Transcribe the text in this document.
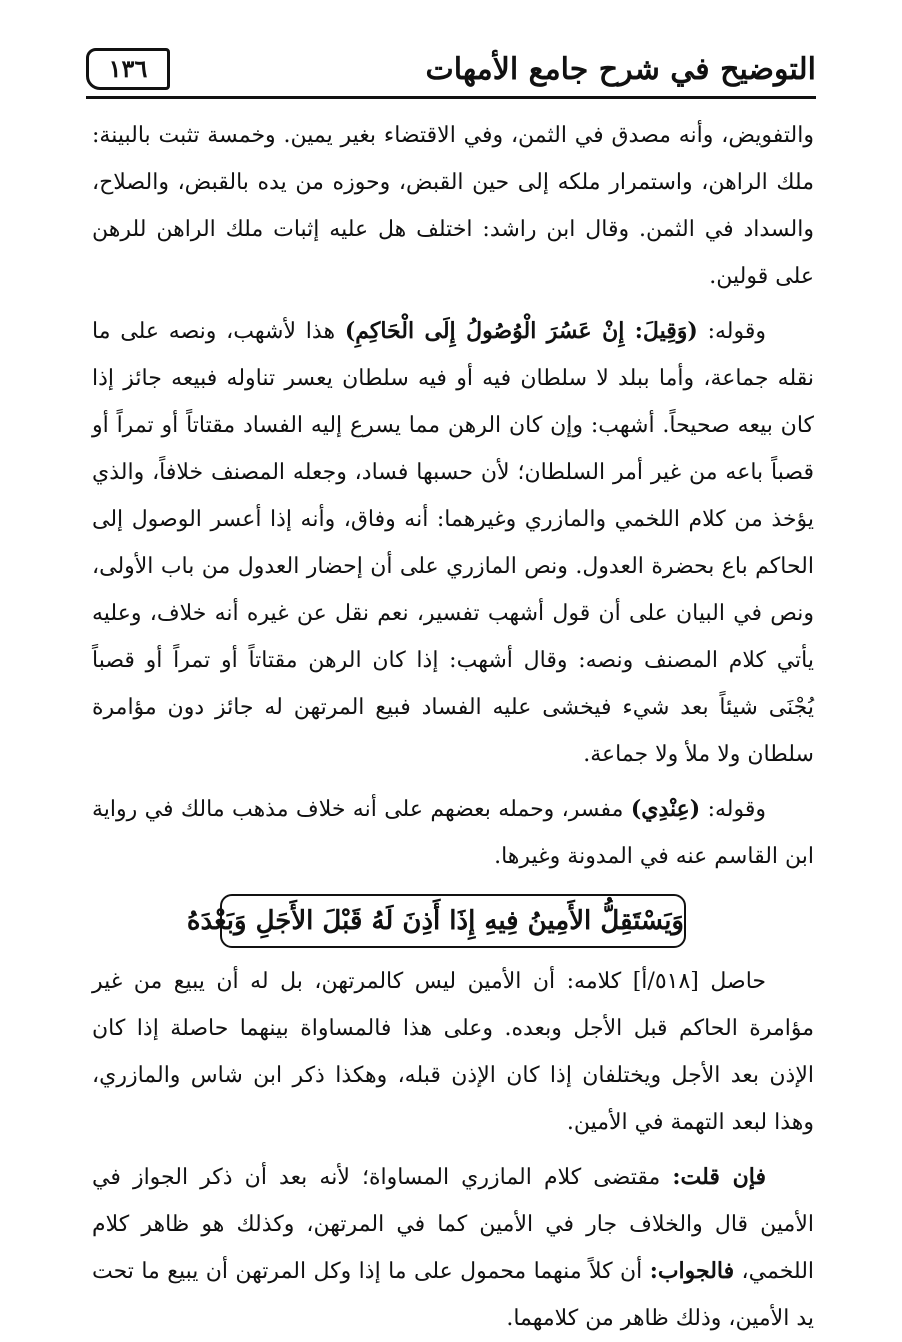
التوضيح في شرح جامع الأمهات
١٣٦

والتفويض، وأنه مصدق في الثمن، وفي الاقتضاء بغير يمين. وخمسة تثبت بالبينة: ملك الراهن، واستمرار ملكه إلى حين القبض، وحوزه من يده بالقبض، والصلاح، والسداد في الثمن. وقال ابن راشد: اختلف هل عليه إثبات ملك الراهن للرهن على قولين.

وقوله: (وَقِيلَ: إِنْ عَسُرَ الْوُصُولُ إِلَى الْحَاكِمِ) هذا لأشهب، ونصه على ما نقله جماعة، وأما ببلد لا سلطان فيه أو فيه سلطان يعسر تناوله فبيعه جائز إذا كان بيعه صحيحاً. أشهب: وإن كان الرهن مما يسرع إليه الفساد مقتاتاً أو تمراً أو قصباً باعه من غير أمر السلطان؛ لأن حسبها فساد، وجعله المصنف خلافاً، والذي يؤخذ من كلام اللخمي والمازري وغيرهما: أنه وفاق، وأنه إذا أعسر الوصول إلى الحاكم باع بحضرة العدول. ونص المازري على أن إحضار العدول من باب الأولى، ونص في البيان على أن قول أشهب تفسير، نعم نقل عن غيره أنه خلاف، وعليه يأتي كلام المصنف ونصه: وقال أشهب: إذا كان الرهن مقتاتاً أو تمراً أو قصباً يُجْنَى شيئاً بعد شيء فيخشى عليه الفساد فبيع المرتهن له جائز دون مؤامرة سلطان ولا ملأ ولا جماعة.

وقوله: (عِنْدِي) مفسر، وحمله بعضهم على أنه خلاف مذهب مالك في رواية ابن القاسم عنه في المدونة وغيرها.

وَيَسْتَقِلُّ الأَمِينُ فِيهِ إِذَا أَذِنَ لَهُ قَبْلَ الأَجَلِ وَبَعْدَهُ

حاصل [٥١٨/أ] كلامه: أن الأمين ليس كالمرتهن، بل له أن يبيع من غير مؤامرة الحاكم قبل الأجل وبعده. وعلى هذا فالمساواة بينهما حاصلة إذا كان الإذن بعد الأجل ويختلفان إذا كان الإذن قبله، وهكذا ذكر ابن شاس والمازري، وهذا لبعد التهمة في الأمين.

فإن قلت: مقتضى كلام المازري المساواة؛ لأنه بعد أن ذكر الجواز في الأمين قال والخلاف جار في الأمين كما في المرتهن، وكذلك هو ظاهر كلام اللخمي، فالجواب: أن كلاً منهما محمول على ما إذا وكل المرتهن أن يبيع ما تحت يد الأمين، وذلك ظاهر من كلامهما.
